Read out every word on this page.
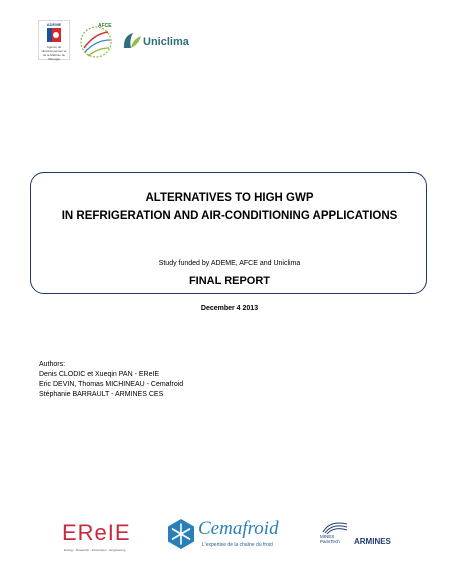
ADEME
Agence de l'Environnement et de la Maîtrise de l'Energie
AFCE
Uniclima
ALTERNATIVES TO HIGH GWP
IN REFRIGERATION AND AIR-CONDITIONING APPLICATIONS
Study funded by ADEME, AFCE and Uniclima
FINAL REPORT
December 4 2013
Authors:
Denis CLODIC et Xueqin PAN - EReIE
Eric DEVIN, Thomas MICHINEAU - Cemafroid
Stéphanie BARRAULT - ARMINES CES
EReIE
Energy · Research · Information · Engineering
Cemafroid
L'expertise de la chaîne du froid
MINES ParisTech	ARMINES
